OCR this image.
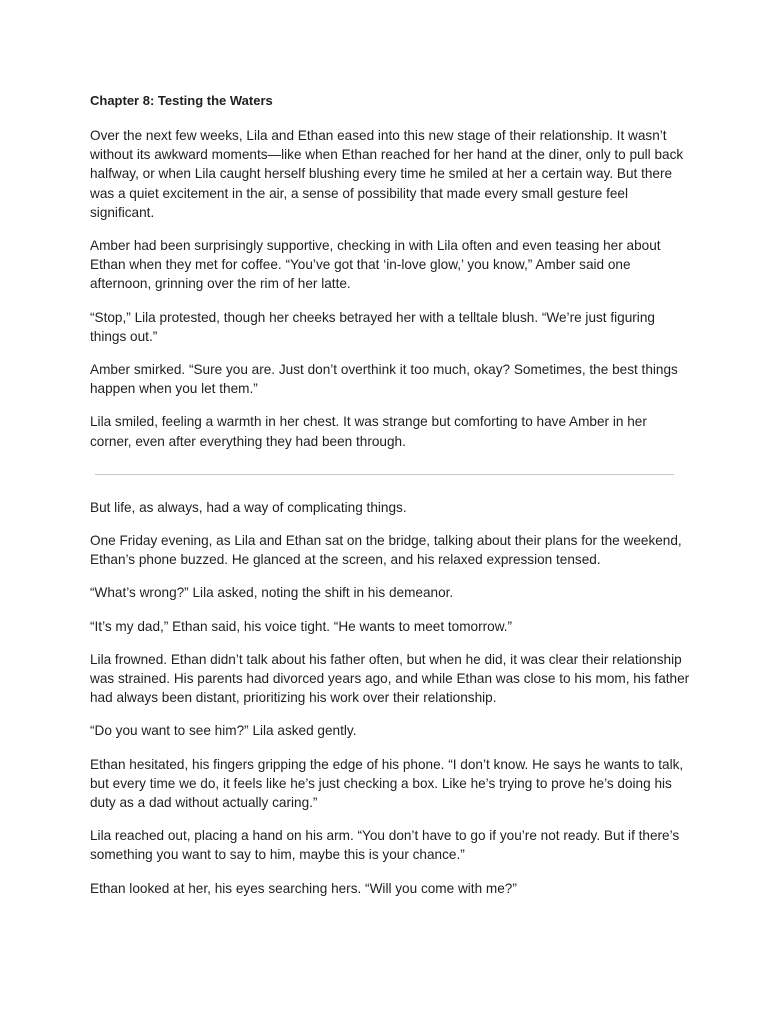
Chapter 8: Testing the Waters

Over the next few weeks, Lila and Ethan eased into this new stage of their relationship. It wasn’t without its awkward moments—like when Ethan reached for her hand at the diner, only to pull back halfway, or when Lila caught herself blushing every time he smiled at her a certain way. But there was a quiet excitement in the air, a sense of possibility that made every small gesture feel significant.

Amber had been surprisingly supportive, checking in with Lila often and even teasing her about Ethan when they met for coffee. “You’ve got that ‘in-love glow,’ you know,” Amber said one afternoon, grinning over the rim of her latte.

“Stop,” Lila protested, though her cheeks betrayed her with a telltale blush. “We’re just figuring things out.”

Amber smirked. “Sure you are. Just don’t overthink it too much, okay? Sometimes, the best things happen when you let them.”

Lila smiled, feeling a warmth in her chest. It was strange but comforting to have Amber in her corner, even after everything they had been through.

But life, as always, had a way of complicating things.

One Friday evening, as Lila and Ethan sat on the bridge, talking about their plans for the weekend, Ethan’s phone buzzed. He glanced at the screen, and his relaxed expression tensed.

“What’s wrong?” Lila asked, noting the shift in his demeanor.

“It’s my dad,” Ethan said, his voice tight. “He wants to meet tomorrow.”

Lila frowned. Ethan didn’t talk about his father often, but when he did, it was clear their relationship was strained. His parents had divorced years ago, and while Ethan was close to his mom, his father had always been distant, prioritizing his work over their relationship.

“Do you want to see him?” Lila asked gently.

Ethan hesitated, his fingers gripping the edge of his phone. “I don’t know. He says he wants to talk, but every time we do, it feels like he’s just checking a box. Like he’s trying to prove he’s doing his duty as a dad without actually caring.”

Lila reached out, placing a hand on his arm. “You don’t have to go if you’re not ready. But if there’s something you want to say to him, maybe this is your chance.”

Ethan looked at her, his eyes searching hers. “Will you come with me?”
